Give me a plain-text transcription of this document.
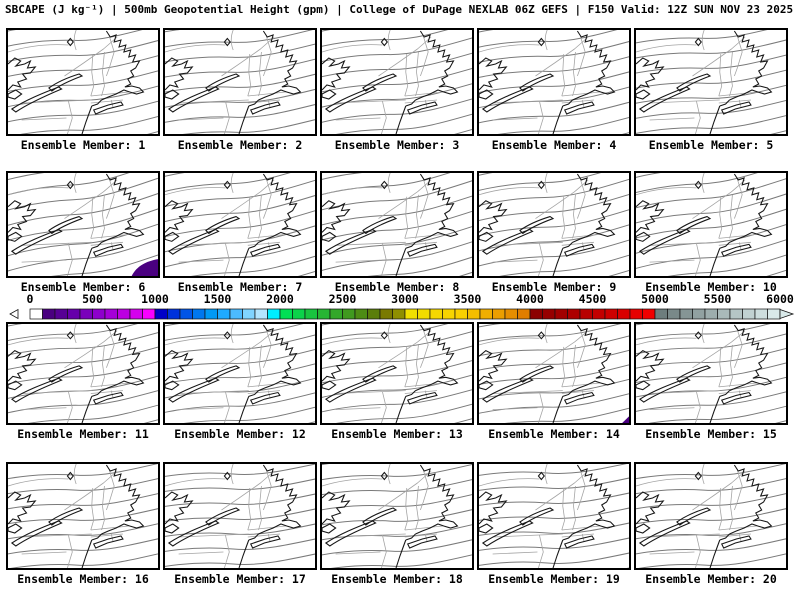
SBCAPE (J kg⁻¹) | 500mb Geopotential Height (gpm) | College of DuPage NEXLAB 06Z GEFS | F150 Valid: 12Z SUN NOV 23 2025
Ensemble Member: 1	Ensemble Member: 2	Ensemble Member: 3	Ensemble Member: 4	Ensemble Member: 5
Ensemble Member: 6	Ensemble Member: 7	Ensemble Member: 8	Ensemble Member: 9	Ensemble Member: 10
Ensemble Member: 11	Ensemble Member: 12	Ensemble Member: 13	Ensemble Member: 14	Ensemble Member: 15
Ensemble Member: 16	Ensemble Member: 17	Ensemble Member: 18	Ensemble Member: 19	Ensemble Member: 20
0	500	1000	1500	2000	2500	3000	3500	4000	4500	5000	5500	6000
